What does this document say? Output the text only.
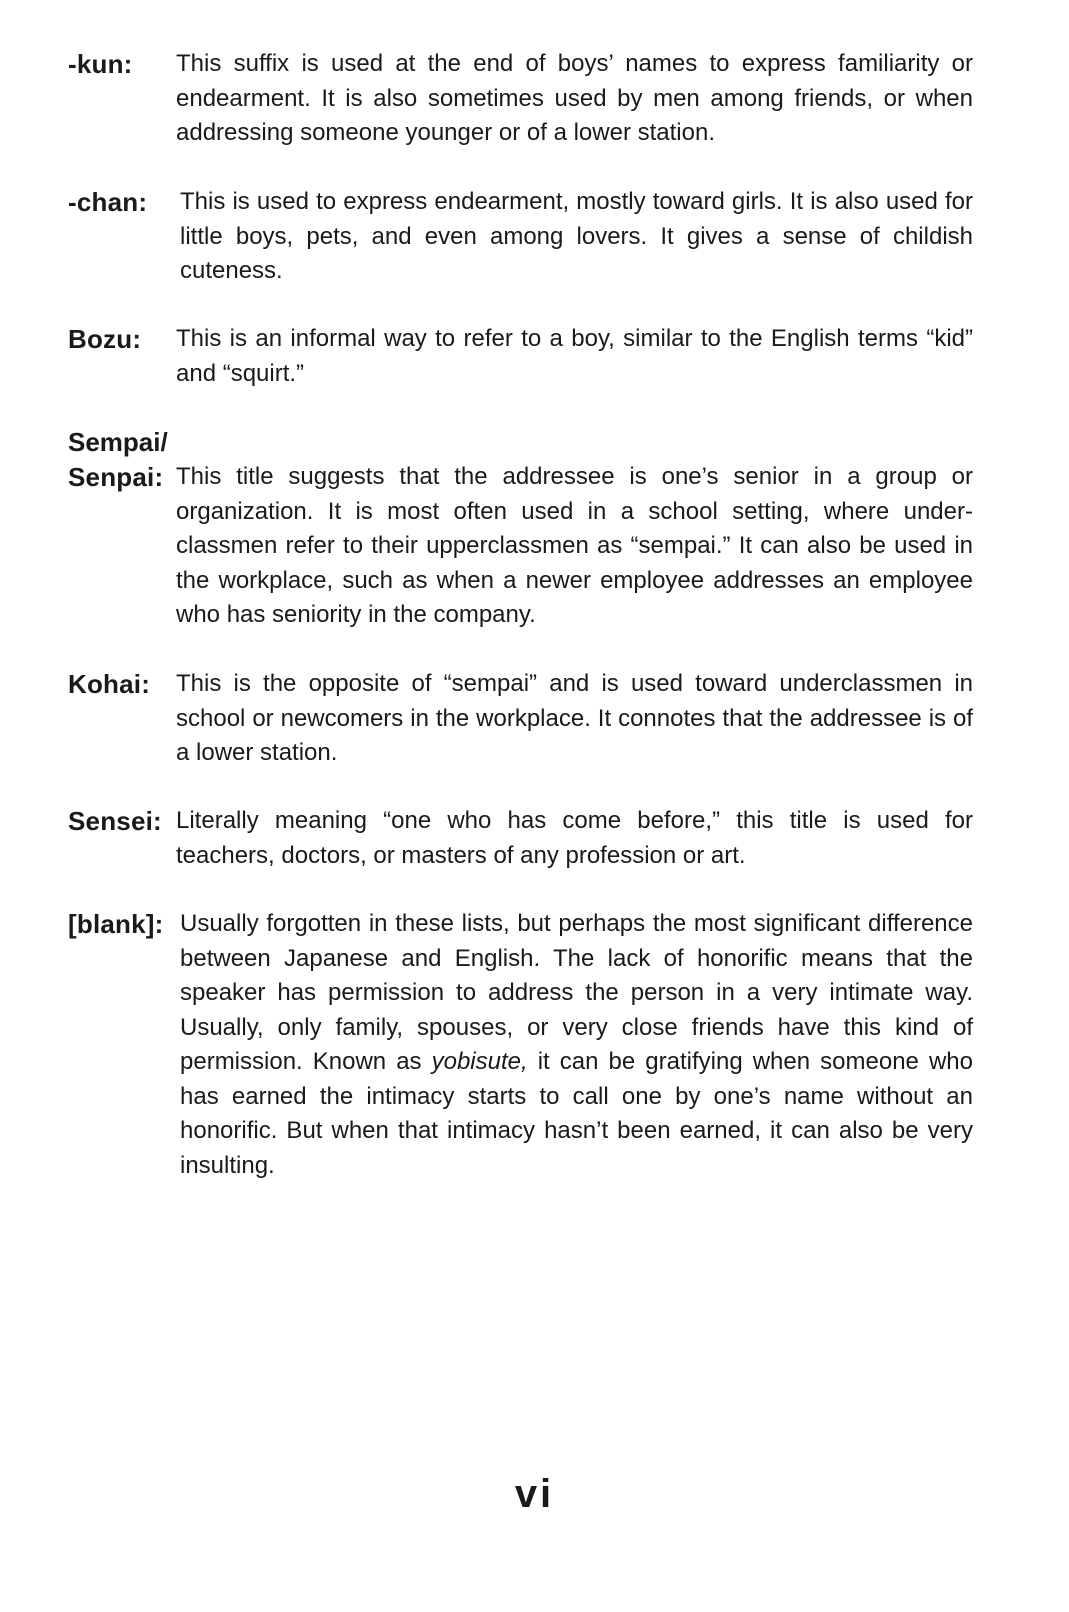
-kun: This suffix is used at the end of boys’ names to express familiarity or endearment. It is also sometimes used by men among friends, or when addressing someone younger or of a lower station.
-chan: This is used to express endearment, mostly toward girls. It is also used for little boys, pets, and even among lovers. It gives a sense of childish cuteness.
Bozu: This is an informal way to refer to a boy, similar to the English terms “kid” and “squirt.”
Sempai/
Senpai: This title suggests that the addressee is one’s senior in a group or organization. It is most often used in a school setting, where underclassmen refer to their upperclassmen as “sempai.” It can also be used in the workplace, such as when a newer employee addresses an employee who has seniority in the company.
Kohai: This is the opposite of “sempai” and is used toward underclassmen in school or newcomers in the workplace. It connotes that the addressee is of a lower station.
Sensei: Literally meaning “one who has come before,” this title is used for teachers, doctors, or masters of any profession or art.
[blank]: Usually forgotten in these lists, but perhaps the most significant difference between Japanese and English. The lack of honorific means that the speaker has permission to address the person in a very intimate way. Usually, only family, spouses, or very close friends have this kind of permission. Known as yobisute, it can be gratifying when someone who has earned the intimacy starts to call one by one’s name without an honorific. But when that intimacy hasn’t been earned, it can also be very insulting.
vi
